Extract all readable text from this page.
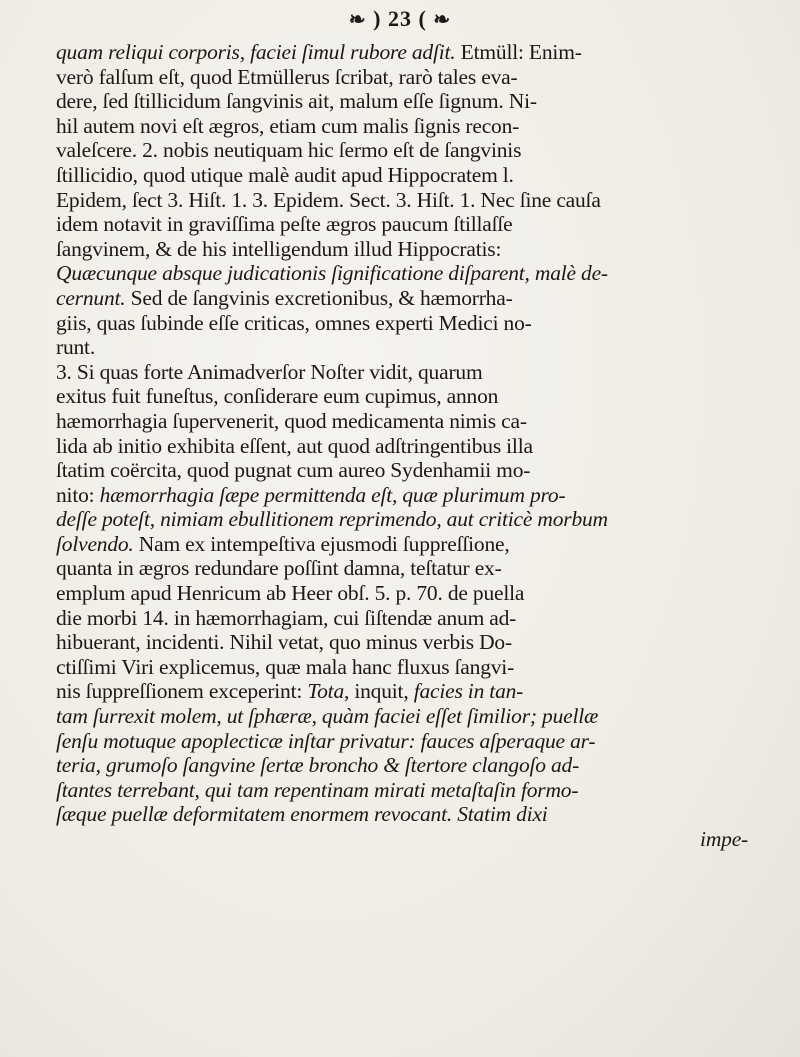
❧ ) 23 ( ❧
quam reliqui corporis, faciei ſimul rubore adſit. Etmüll: Enim-
verò falſum eſt, quod Etmüllerus ſcribat, rarò tales eva-
dere, ſed ſtillicidum ſangvinis ait, malum eſſe ſignum. Ni-
hil autem novi eſt ægros, etiam cum malis ſignis recon-
valeſcere. 2. nobis neutiquam hic ſermo eſt de ſangvinis
ſtillicidio, quod utique malè audit apud Hippocratem l.
Epidem, ſect 3. Hiſt. 1. 3. Epidem. Sect. 3. Hiſt. 1. Nec ſine cauſa
idem notavit in graviſſima peſte ægros paucum ſtillaſſe
ſangvinem, & de his intelligendum illud Hippocratis:
Quæcunque absque judicationis ſignificatione diſparent, malè de-
cernunt. Sed de ſangvinis excretionibus, & hæmorrha-
giis, quas ſubinde eſſe criticas, omnes experti Medici no-
runt.
3. Si quas forte Animadverſor Noſter vidit, quarum
exitus fuit funeſtus, conſiderare eum cupimus, annon
hæmorrhagia ſupervenerit, quod medicamenta nimis ca-
lida ab initio exhibita eſſent, aut quod adſtringentibus illa
ſtatim coërcita, quod pugnat cum aureo Sydenhamii mo-
nito: hæmorrhagia ſæpe permittenda eſt, quæ plurimum pro-
deſſe poteſt, nimiam ebullitionem reprimendo, aut criticè morbum
ſolvendo. Nam ex intempeſtiva ejusmodi ſuppreſſione,
quanta in ægros redundare poſſint damna, teſtatur ex-
emplum apud Henricum ab Heer obſ. 5. p. 70. de puella
die morbi 14. in hæmorrhagiam, cui ſiſtendæ anum ad-
hibuerant, incidenti. Nihil vetat, quo minus verbis Do-
ctiſſimi Viri explicemus, quæ mala hanc fluxus ſangvi-
nis ſuppreſſionem exceperint: Tota, inquit, facies in tan-
tam ſurrexit molem, ut ſphæræ, quàm faciei eſſet ſimilior; puellæ
ſenſu motuque apoplecticæ inſtar privatur: fauces aſperaque ar-
teria, grumoſo ſangvine ſertæ broncho & ſtertore clangoſo ad-
ſtantes terrebant, qui tam repentinam mirati metaſtaſin formo-
ſæque puellæ deformitatem enormem revocant. Statim dixi
impe-
